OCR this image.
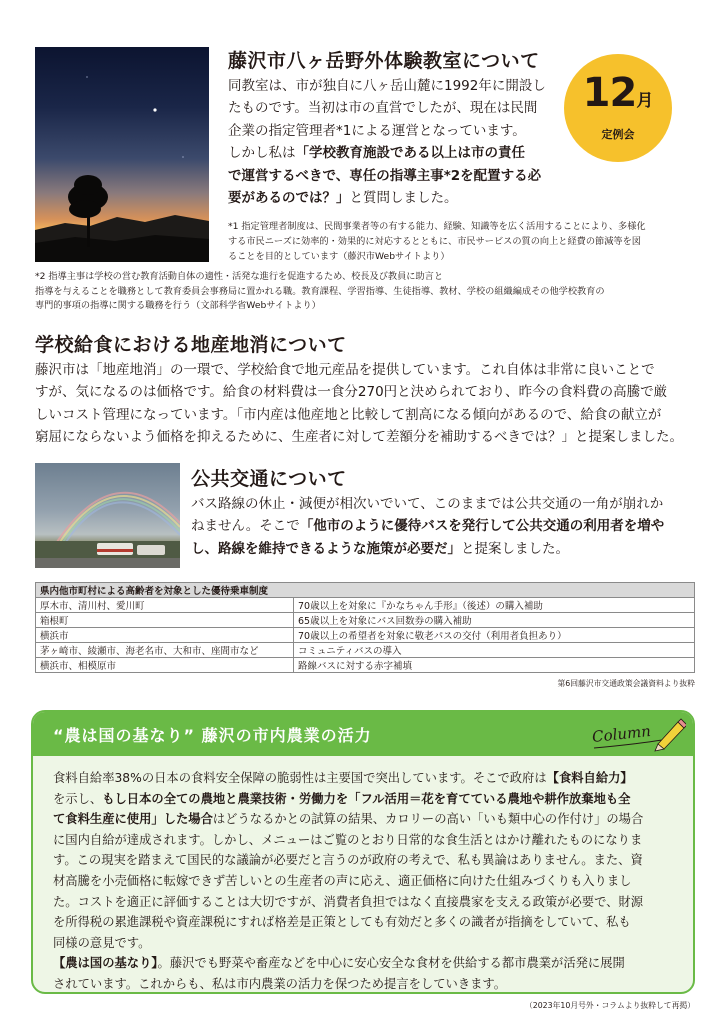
藤沢市八ヶ岳野外体験教室について
同教室は、市が独自に八ヶ岳山麓に1992年に開設し
たものです。当初は市の直営でしたが、現在は民間
企業の指定管理者*1による運営となっています。
しかし私は「学校教育施設である以上は市の責任
で運営するべきで、専任の指導主事*2を配置する必
要があるのでは？」と質問しました。
12月
定例会
*1 指定管理者制度は、民間事業者等の有する能力、経験、知識等を広く活用することにより、多様化
する市民ニーズに効率的・効果的に対応するとともに、市民サービスの質の向上と経費の節減等を図
ることを目的としています（藤沢市Webサイトより）
*2 指導主事は学校の営む教育活動自体の適性・活発な進行を促進するため、校長及び教員に助言と
指導を与えることを職務として教育委員会事務局に置かれる職。教育課程、学習指導、生徒指導、教材、学校の組織編成その他学校教育の
専門的事項の指導に関する職務を行う（文部科学省Webサイトより）
学校給食における地産地消について
藤沢市は「地産地消」の一環で、学校給食で地元産品を提供しています。これ自体は非常に良いことで
すが、気になるのは価格です。給食の材料費は一食分270円と決められており、昨今の食料費の高騰で厳
しいコスト管理になっています。「市内産は他産地と比較して割高になる傾向があるので、給食の献立が
窮屈にならないよう価格を抑えるために、生産者に対して差額分を補助するべきでは？」と提案しました。
公共交通について
バス路線の休止・減便が相次いでいて、このままでは公共交通の一角が崩れか
ねません。そこで「他市のように優待バスを発行して公共交通の利用者を増や
し、路線を維持できるような施策が必要だ」と提案しました。
県内他市町村による高齢者を対象とした優待乗車制度	
厚木市、清川村、愛川町	70歳以上を対象に『かなちゃん手形』（後述）の購入補助
箱根町	65歳以上を対象にバス回数券の購入補助
横浜市	70歳以上の希望者を対象に敬老パスの交付（利用者負担あり）
茅ヶ崎市、綾瀬市、海老名市、大和市、座間市など	コミュニティバスの導入
横浜市、相模原市	路線バスに対する赤字補填
第6回藤沢市交通政策会議資料より抜粋
“農は国の基なり” 藤沢の市内農業の活力
食料自給率38%の日本の食料安全保障の脆弱性は主要国で突出しています。そこで政府は【食料自給力】
を示し、もし日本の全ての農地と農業技術・労働力を「フル活用＝花を育てている農地や耕作放棄地も全
て食料生産に使用」した場合はどうなるかとの試算の結果、カロリーの高い「いも類中心の作付け」の場合
に国内自給が達成されます。しかし、メニューはご覧のとおり日常的な食生活とはかけ離れたものになりま
す。この現実を踏まえて国民的な議論が必要だと言うのが政府の考えで、私も異論はありません。また、資
材高騰を小売価格に転嫁できず苦しいとの生産者の声に応え、適正価格に向けた仕組みづくりも入りまし
た。コストを適正に評価することは大切ですが、消費者負担ではなく直接農家を支える政策が必要で、財源
を所得税の累進課税や資産課税にすれば格差是正策としても有効だと多くの識者が指摘をしていて、私も
同様の意見です。
【農は国の基なり】。藤沢でも野菜や畜産などを中心に安心安全な食材を供給する都市農業が活発に展開
されています。これからも、私は市内農業の活力を保つため提言をしていきます。
Column
（2023年10月号外・コラムより抜粋して再掲）
